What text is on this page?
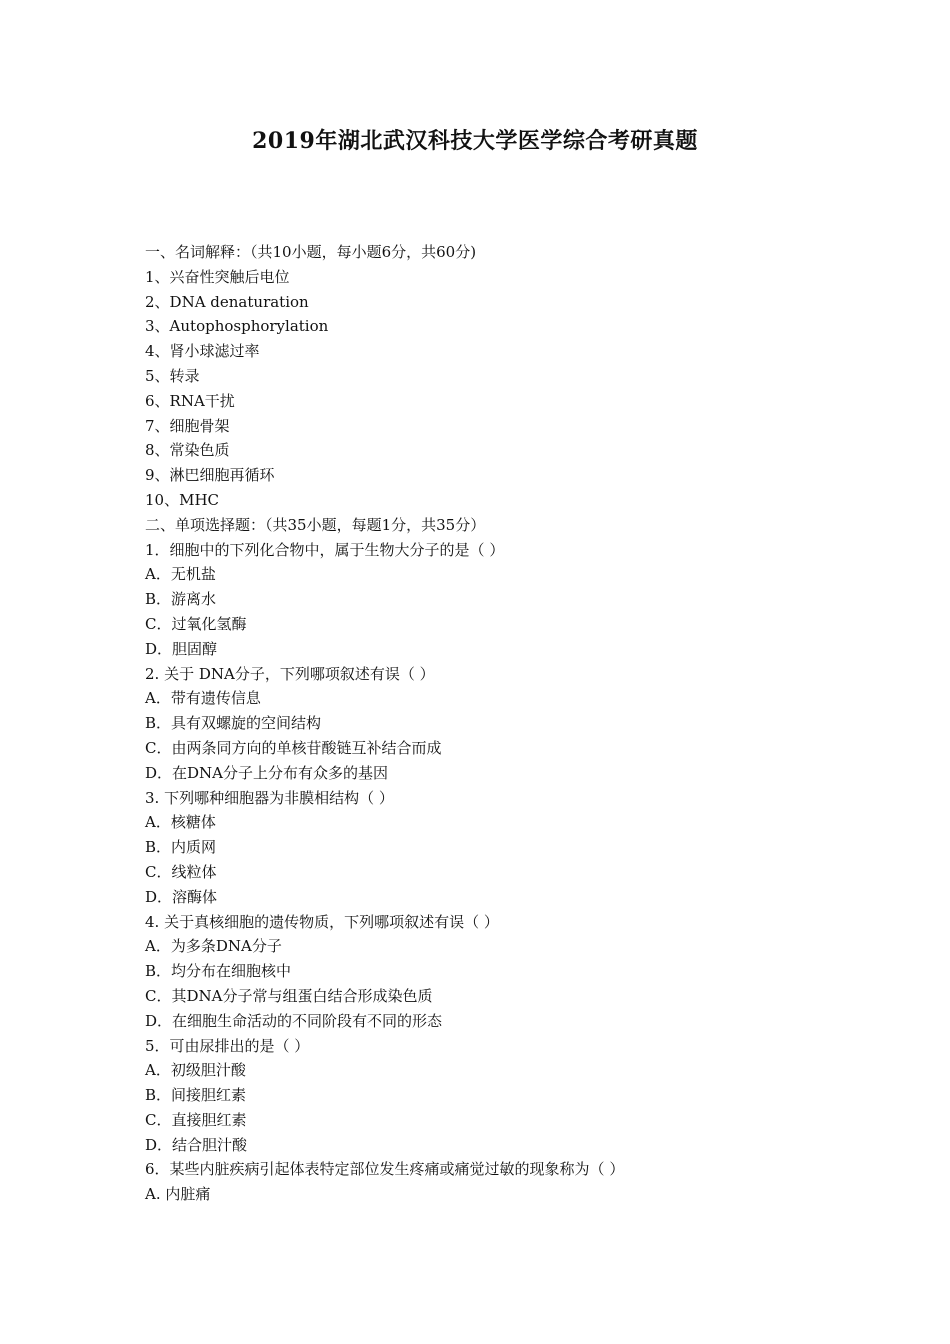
2019年湖北武汉科技大学医学综合考研真题
一、名词解释：（共10小题，每小题6分，共60分)
1、兴奋性突触后电位
2、DNA denaturation
3、Autophosphorylation
4、肾小球滤过率
5、转录
6、RNA干扰
7、细胞骨架
8、常染色质
9、淋巴细胞再循环
10、MHC
二、单项选择题：（共35小题，每题1分，共35分）
1．细胞中的下列化合物中，属于生物大分子的是（ ）
A．无机盐
B．游离水
C．过氧化氢酶
D．胆固醇
2. 关于 DNA分子，下列哪项叙述有误（ ）
A．带有遗传信息
B．具有双螺旋的空间结构
C．由两条同方向的单核苷酸链互补结合而成
D．在DNA分子上分布有众多的基因
3. 下列哪种细胞器为非膜相结构（ ）
A．核糖体
B．内质网
C．线粒体
D．溶酶体
4. 关于真核细胞的遗传物质，下列哪项叙述有误（ ）
A．为多条DNA分子
B．均分布在细胞核中
C．其DNA分子常与组蛋白结合形成染色质
D．在细胞生命活动的不同阶段有不同的形态
5．可由尿排出的是（ ）
A．初级胆汁酸
B．间接胆红素
C．直接胆红素
D．结合胆汁酸
6．某些内脏疾病引起体表特定部位发生疼痛或痛觉过敏的现象称为（ ）
A. 内脏痛
